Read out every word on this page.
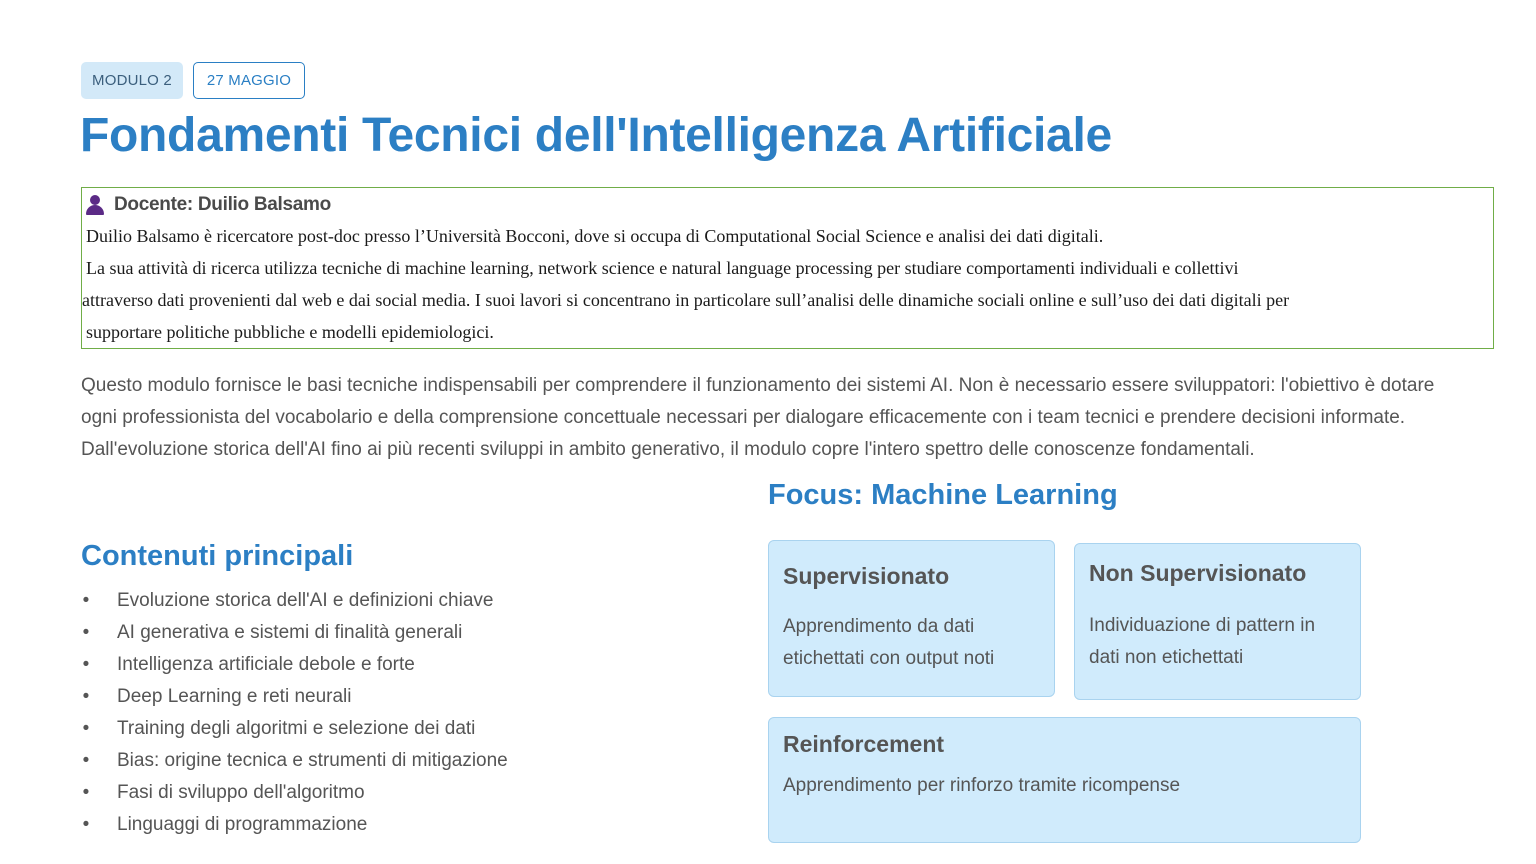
MODULO 2	27 MAGGIO
Fondamenti Tecnici dell'Intelligenza Artificiale
Docente: Duilio Balsamo
Duilio Balsamo è ricercatore post-doc presso l’Università Bocconi, dove si occupa di Computational Social Science e analisi dei dati digitali.
La sua attività di ricerca utilizza tecniche di machine learning, network science e natural language processing per studiare comportamenti individuali e collettivi
attraverso dati provenienti dal web e dai social media. I suoi lavori si concentrano in particolare sull’analisi delle dinamiche sociali online e sull’uso dei dati digitali per
supportare politiche pubbliche e modelli epidemiologici.

Questo modulo fornisce le basi tecniche indispensabili per comprendere il funzionamento dei sistemi AI. Non è necessario essere sviluppatori: l'obiettivo è dotare ogni professionista del vocabolario e della comprensione concettuale necessari per dialogare efficacemente con i team tecnici e prendere decisioni informate. Dall'evoluzione storica dell'AI fino ai più recenti sviluppi in ambito generativo, il modulo copre l'intero spettro delle conoscenze fondamentali.

Contenuti principali
• Evoluzione storica dell'AI e definizioni chiave
• AI generativa e sistemi di finalità generali
• Intelligenza artificiale debole e forte
• Deep Learning e reti neurali
• Training degli algoritmi e selezione dei dati
• Bias: origine tecnica e strumenti di mitigazione
• Fasi di sviluppo dell'algoritmo
• Linguaggi di programmazione
Focus: Machine Learning
Supervisionato
Apprendimento da dati etichettati con output noti
Non Supervisionato
Individuazione di pattern in dati non etichettati
Reinforcement
Apprendimento per rinforzo tramite ricompense
